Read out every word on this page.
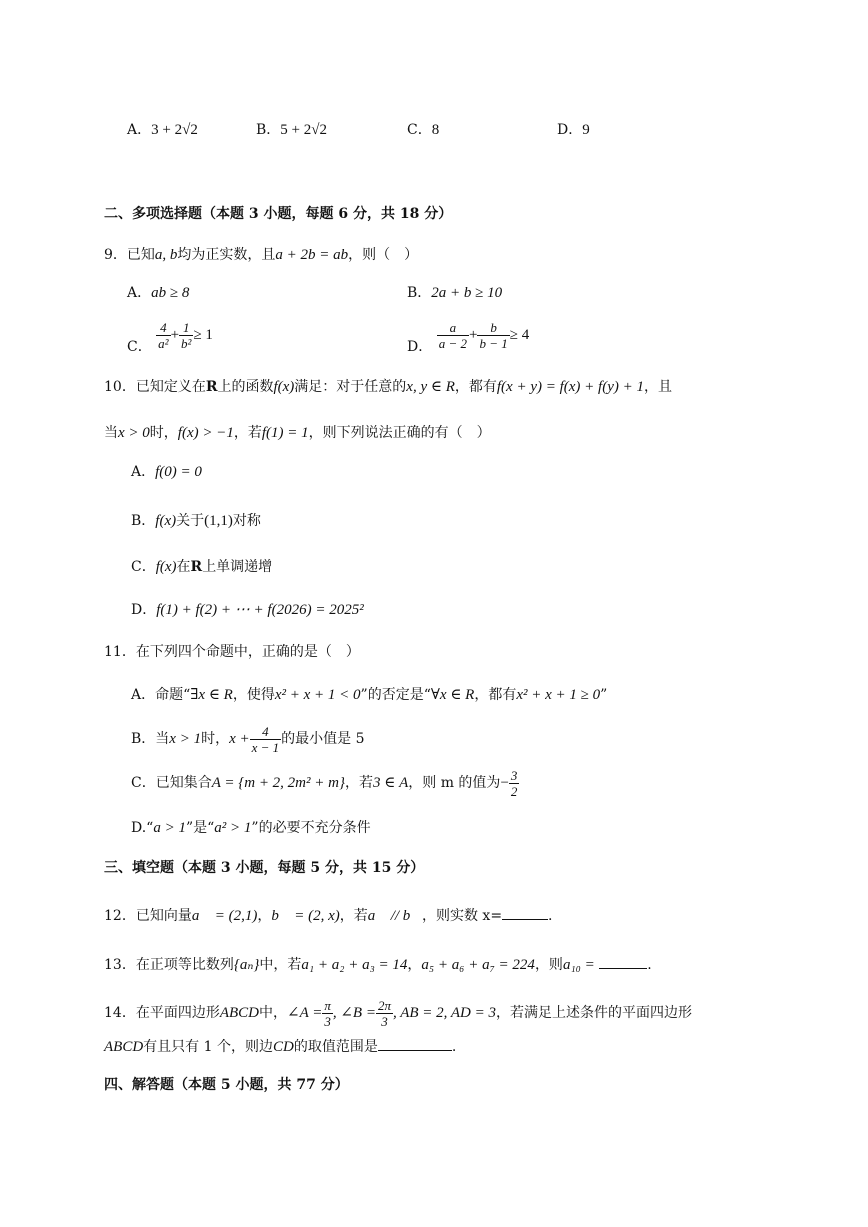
A．3 + 2√2	B．5 + 2√2	C．8	D．9
二、多项选择题（本题 3 小题，每题 6 分，共 18 分）
9．已知a, b均为正实数，且a + 2b = ab，则（　）
A．ab ≥ 8	B．2a + b ≥ 10
C． $\frac{4}{\text{a²}} + \frac{1}{\text{b²}} \ge 1$
D． $\frac{a}{a - 2} + \frac{b}{b - 1} \ge 4$
10．已知定义在R上的函数f(x)满足：对于任意的x, y ∈ R，都有f(x + y) = f(x) + f(y) + 1，且
当x > 0时，f(x) > −1，若f(1) = 1，则下列说法正确的有（　）
A．f(0) = 0
B．f(x)关于(1,1)对称
C．f(x)在R上单调递增
D．f(1) + f(2) + ⋯ + f(2026) = 2025²
11．在下列四个命题中，正确的是（　）
A．命题“∃x ∈ R，使得x² + x + 1 < 0”的否定是“∀x ∈ R，都有x² + x + 1 ≥ 0”
B．当x > 1时，$x + \frac{4}{x - 1}$ 的最小值是 5
C．已知集合A = {m + 2, 2m² + m}，若3 ∈ A，则 m 的值为− $\frac{3}{2}$
D.“a > 1”是“a² > 1”的必要不充分条件
三、填空题（本题 3 小题，每题 5 分，共 15 分）
12．已知向量a⃗ = (2,1)，b⃗ = (2, x)，若a⃗ // b⃗，则实数 x=	.
13．在正项等比数列{aₙ}中，若a₁ + a₂ + a₃ = 14，a₅ + a₆ + a₇ = 224，则a₁₀ =	.
14．在平面四边形ABCD中，∠A = $\frac{\pi}{3}$ , ∠B = $\frac{2\pi}{3}$ , AB = 2, AD = 3，若满足上述条件的平面四边形
ABCD有且只有 1 个，则边CD的取值范围是	.
四、解答题（本题 5 小题，共 77 分）
